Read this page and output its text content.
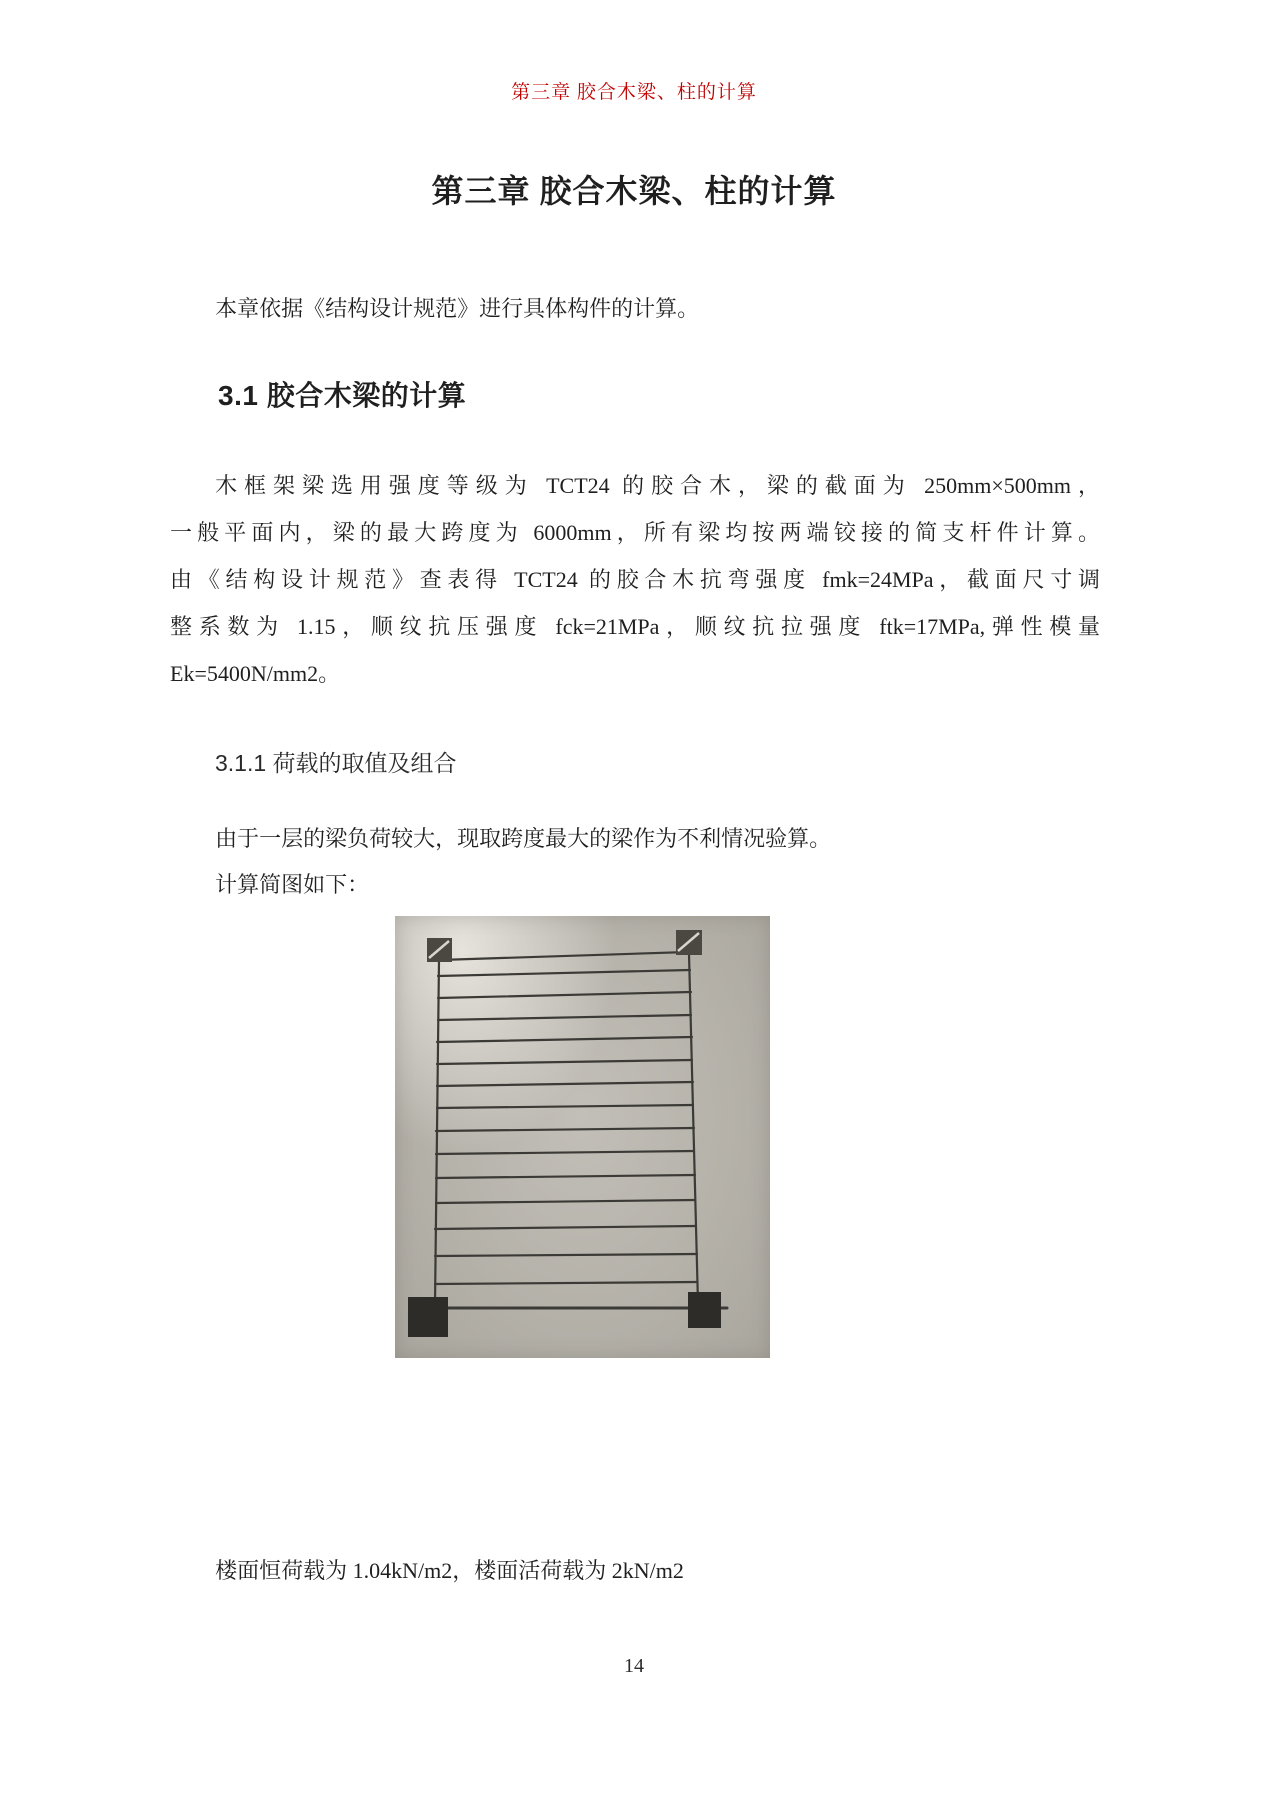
第三章 胶合木梁、柱的计算
第三章 胶合木梁、柱的计算
本章依据《结构设计规范》进行具体构件的计算。
3.1 胶合木梁的计算
木框架梁选用强度等级为 TCT24 的胶合木，梁的截面为 250mm×500mm，
一般平面内，梁的最大跨度为 6000mm，所有梁均按两端铰接的简支杆件计算。
由《结构设计规范》查表得 TCT24 的胶合木抗弯强度 fmk=24MPa，截面尺寸调
整系数为 1.15，顺纹抗压强度 fck=21MPa，顺纹抗拉强度 ftk=17MPa,弹性模量
Ek=5400N/mm2。
3.1.1 荷载的取值及组合
由于一层的梁负荷较大，现取跨度最大的梁作为不利情况验算。
计算简图如下：
楼面恒荷载为 1.04kN/m2，楼面活荷载为 2kN/m2
14
